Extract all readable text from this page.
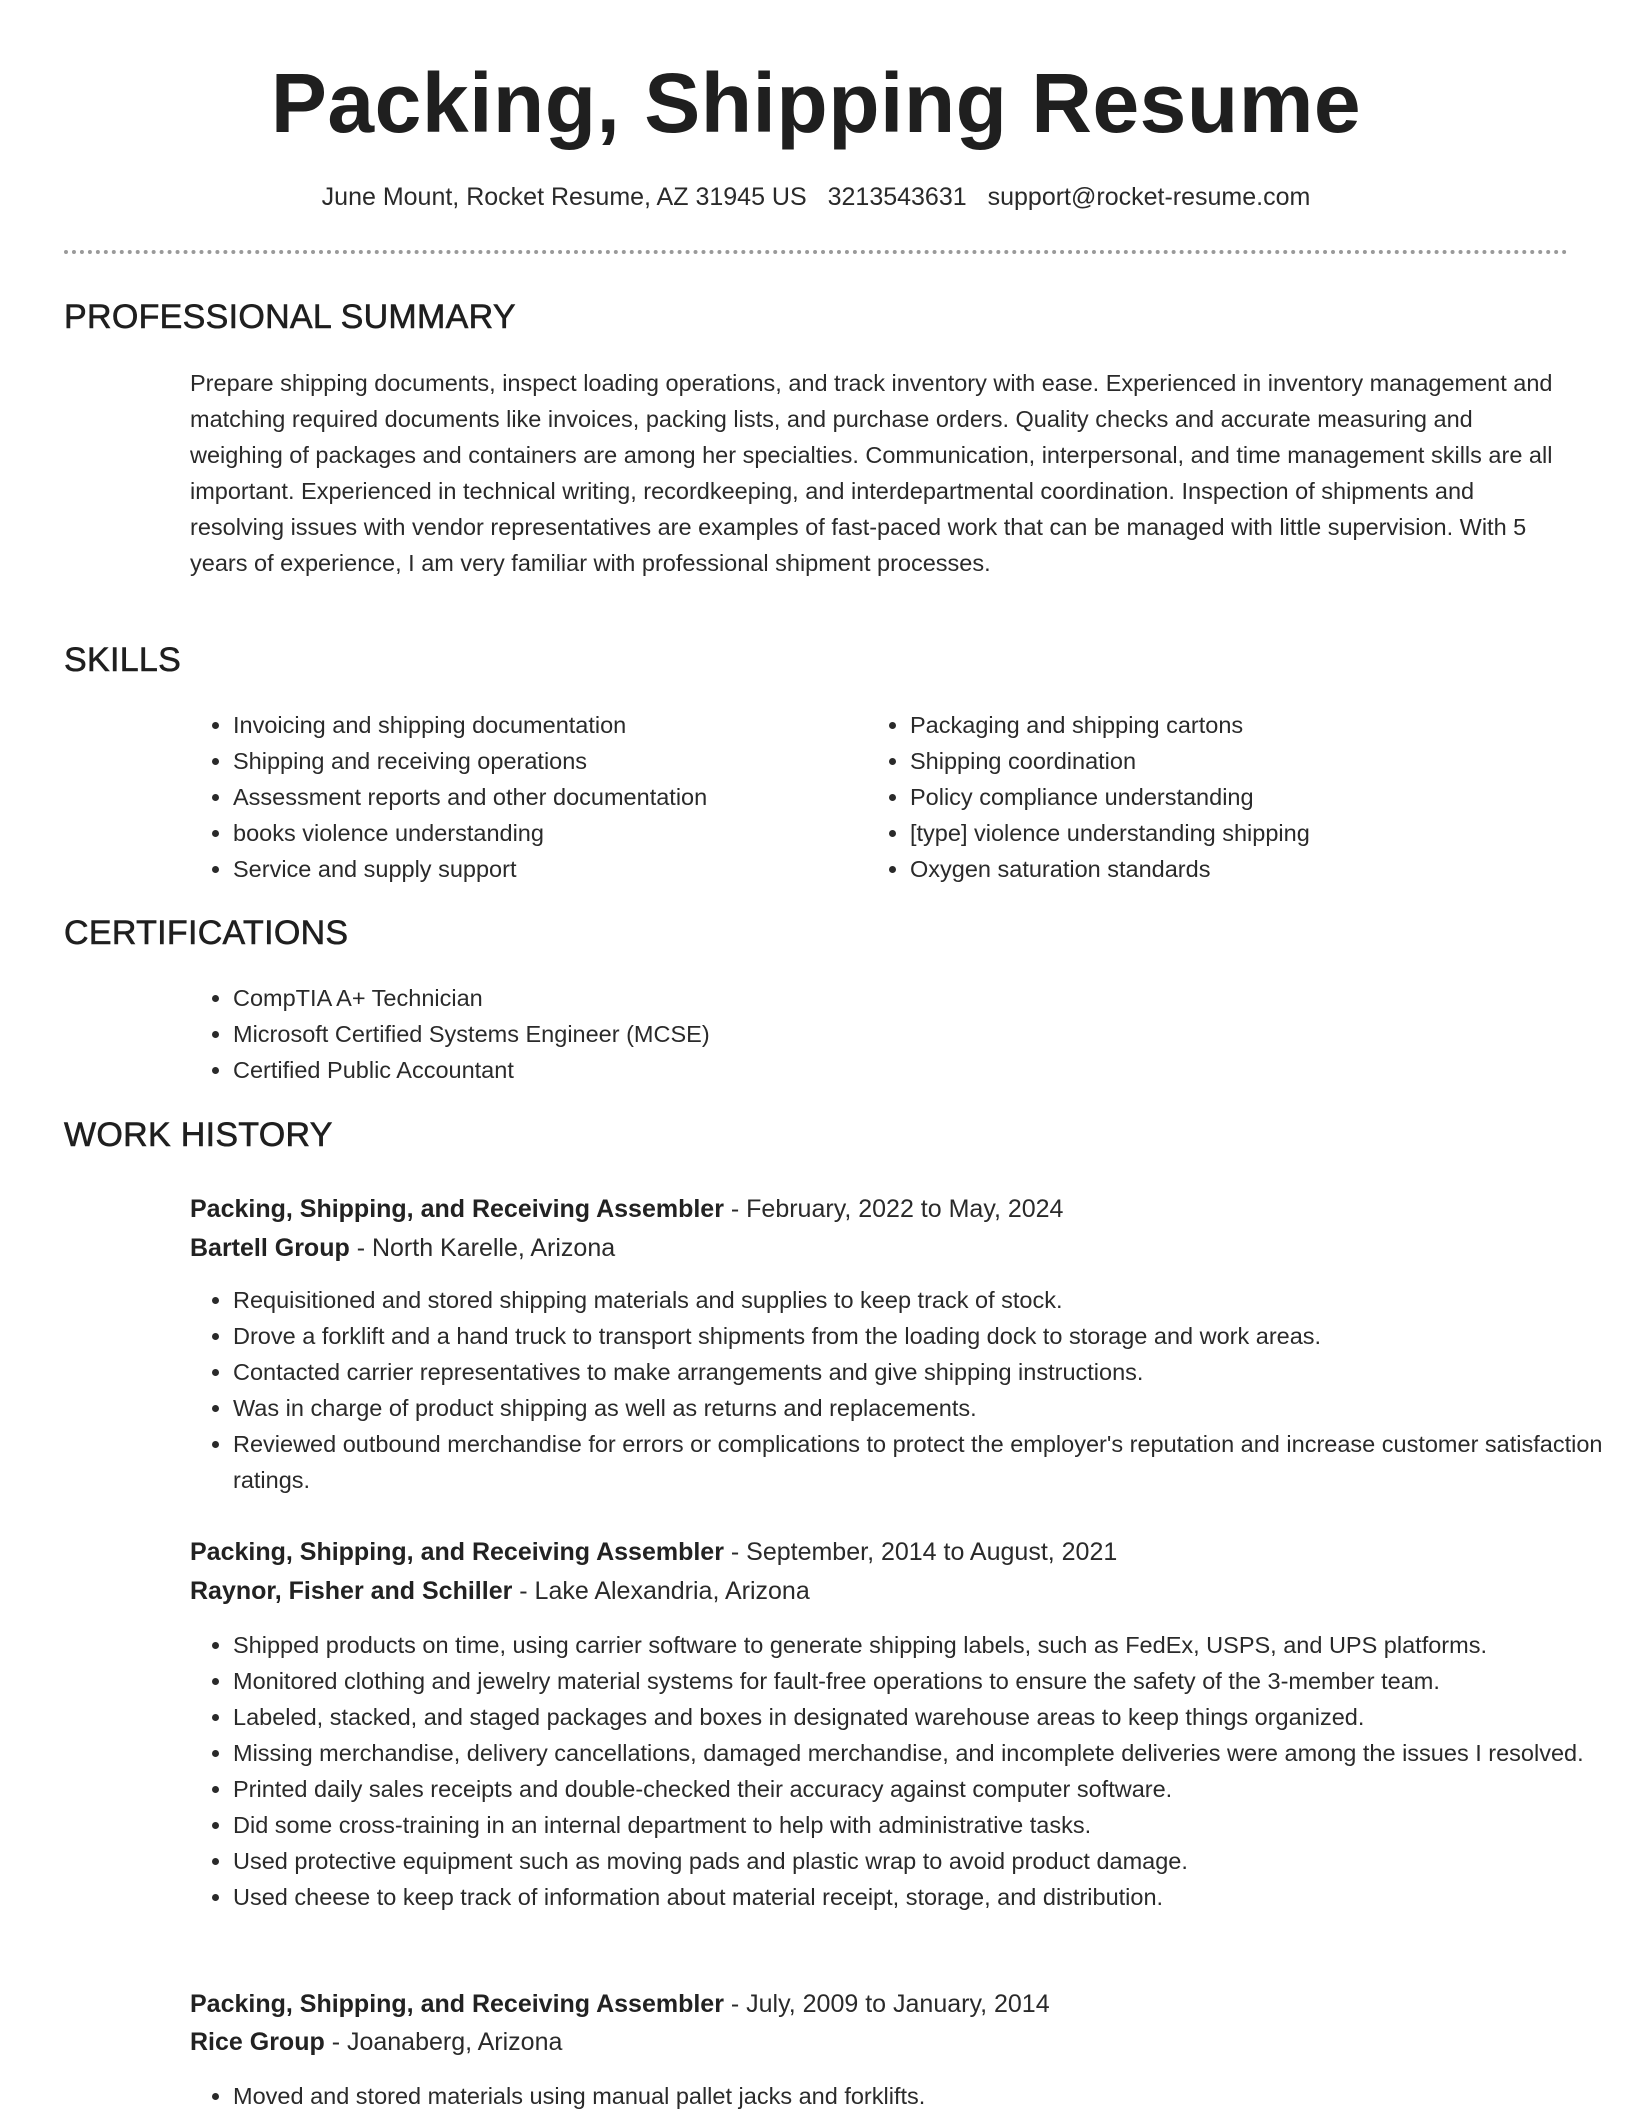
Packing, Shipping Resume
June Mount, Rocket Resume, AZ 31945 US 3213543631 support@rocket-resume.com
PROFESSIONAL SUMMARY
Prepare shipping documents, inspect loading operations, and track inventory with ease. Experienced in inventory management and matching required documents like invoices, packing lists, and purchase orders. Quality checks and accurate measuring and weighing of packages and containers are among her specialties. Communication, interpersonal, and time management skills are all important. Experienced in technical writing, recordkeeping, and interdepartmental coordination. Inspection of shipments and resolving issues with vendor representatives are examples of fast-paced work that can be managed with little supervision. With 5 years of experience, I am very familiar with professional shipment processes.
SKILLS
• Invoicing and shipping documentation
• Shipping and receiving operations
• Assessment reports and other documentation
• books violence understanding
• Service and supply support
• Packaging and shipping cartons
• Shipping coordination
• Policy compliance understanding
• [type] violence understanding shipping
• Oxygen saturation standards
CERTIFICATIONS
• CompTIA A+ Technician
• Microsoft Certified Systems Engineer (MCSE)
• Certified Public Accountant
WORK HISTORY
Packing, Shipping, and Receiving Assembler - February, 2022 to May, 2024
Bartell Group - North Karelle, Arizona
• Requisitioned and stored shipping materials and supplies to keep track of stock.
• Drove a forklift and a hand truck to transport shipments from the loading dock to storage and work areas.
• Contacted carrier representatives to make arrangements and give shipping instructions.
• Was in charge of product shipping as well as returns and replacements.
• Reviewed outbound merchandise for errors or complications to protect the employer's reputation and increase customer satisfaction ratings.
Packing, Shipping, and Receiving Assembler - September, 2014 to August, 2021
Raynor, Fisher and Schiller - Lake Alexandria, Arizona
• Shipped products on time, using carrier software to generate shipping labels, such as FedEx, USPS, and UPS platforms.
• Monitored clothing and jewelry material systems for fault-free operations to ensure the safety of the 3-member team.
• Labeled, stacked, and staged packages and boxes in designated warehouse areas to keep things organized.
• Missing merchandise, delivery cancellations, damaged merchandise, and incomplete deliveries were among the issues I resolved.
• Printed daily sales receipts and double-checked their accuracy against computer software.
• Did some cross-training in an internal department to help with administrative tasks.
• Used protective equipment such as moving pads and plastic wrap to avoid product damage.
• Used cheese to keep track of information about material receipt, storage, and distribution.
Packing, Shipping, and Receiving Assembler - July, 2009 to January, 2014
Rice Group - Joanaberg, Arizona
• Moved and stored materials using manual pallet jacks and forklifts.
